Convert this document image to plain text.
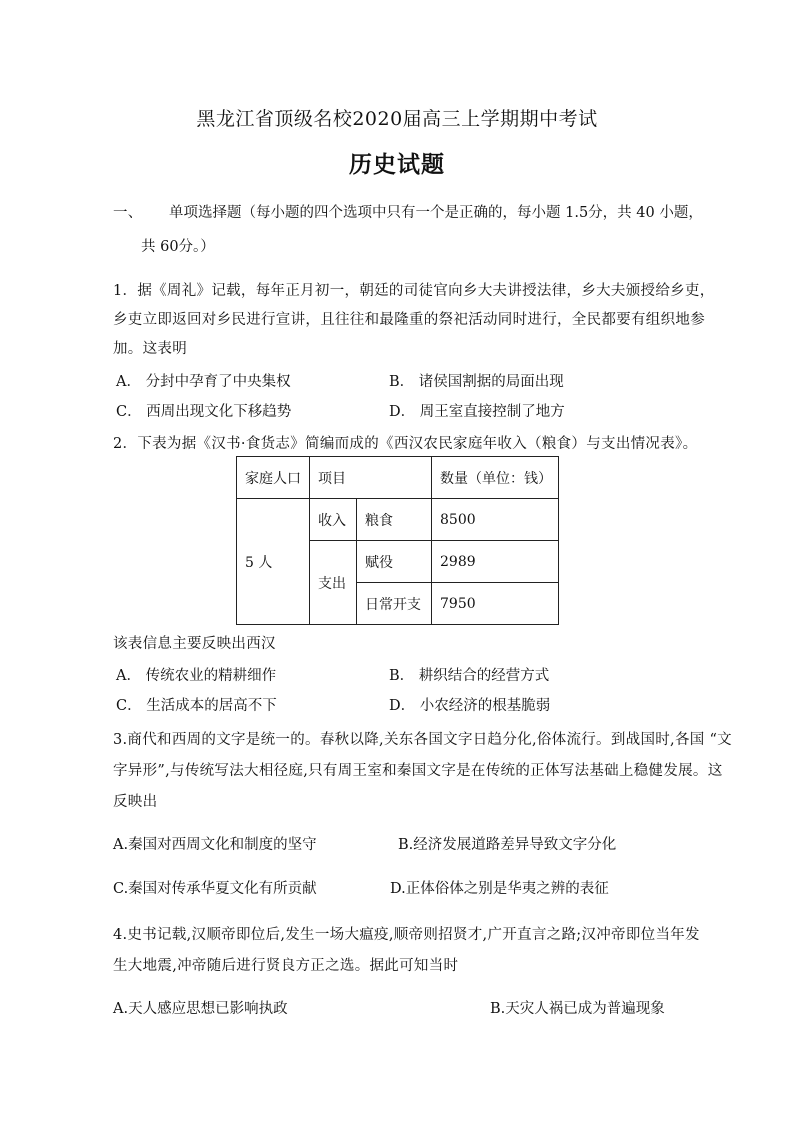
黑龙江省顶级名校2020届高三上学期期中考试
历史试题
一、 单项选择题（每小题的四个选项中只有一个是正确的，每小题 1.5分，共 40 小题，
共 60分。）
1．据《周礼》记载，每年正月初一，朝廷的司徒官向乡大夫讲授法律，乡大夫颁授给乡吏，
乡吏立即返回对乡民进行宣讲，且往往和最隆重的祭祀活动同时进行，全民都要有组织地参
加。这表明
A． 分封中孕育了中央集权	B． 诸侯国割据的局面出现
C． 西周出现文化下移趋势	D． 周王室直接控制了地方
2．下表为据《汉书·食货志》简编而成的《西汉农民家庭年收入（粮食）与支出情况表》。
家庭人口	项目		数量（单位：钱）
5 人	收入	粮食	8500
	支出	赋役	2989
		日常开支	7950
该表信息主要反映出西汉
A． 传统农业的精耕细作	B． 耕织结合的经营方式
C． 生活成本的居高不下	D． 小农经济的根基脆弱
3.商代和西周的文字是统一的。春秋以降,关东各国文字日趋分化,俗体流行。到战国时,各国 “文
字异形”,与传统写法大相径庭,只有周王室和秦国文字是在传统的正体写法基础上稳健发展。这
反映出
A.秦国对西周文化和制度的坚守	B.经济发展道路差异导致文字分化
C.秦国对传承华夏文化有所贡献	D.正体俗体之别是华夷之辨的表征
4.史书记载,汉顺帝即位后,发生一场大瘟疫,顺帝则招贤才,广开直言之路;汉冲帝即位当年发
生大地震,冲帝随后进行贤良方正之选。据此可知当时
A.天人感应思想已影响执政	B.天灾人祸已成为普遍现象
